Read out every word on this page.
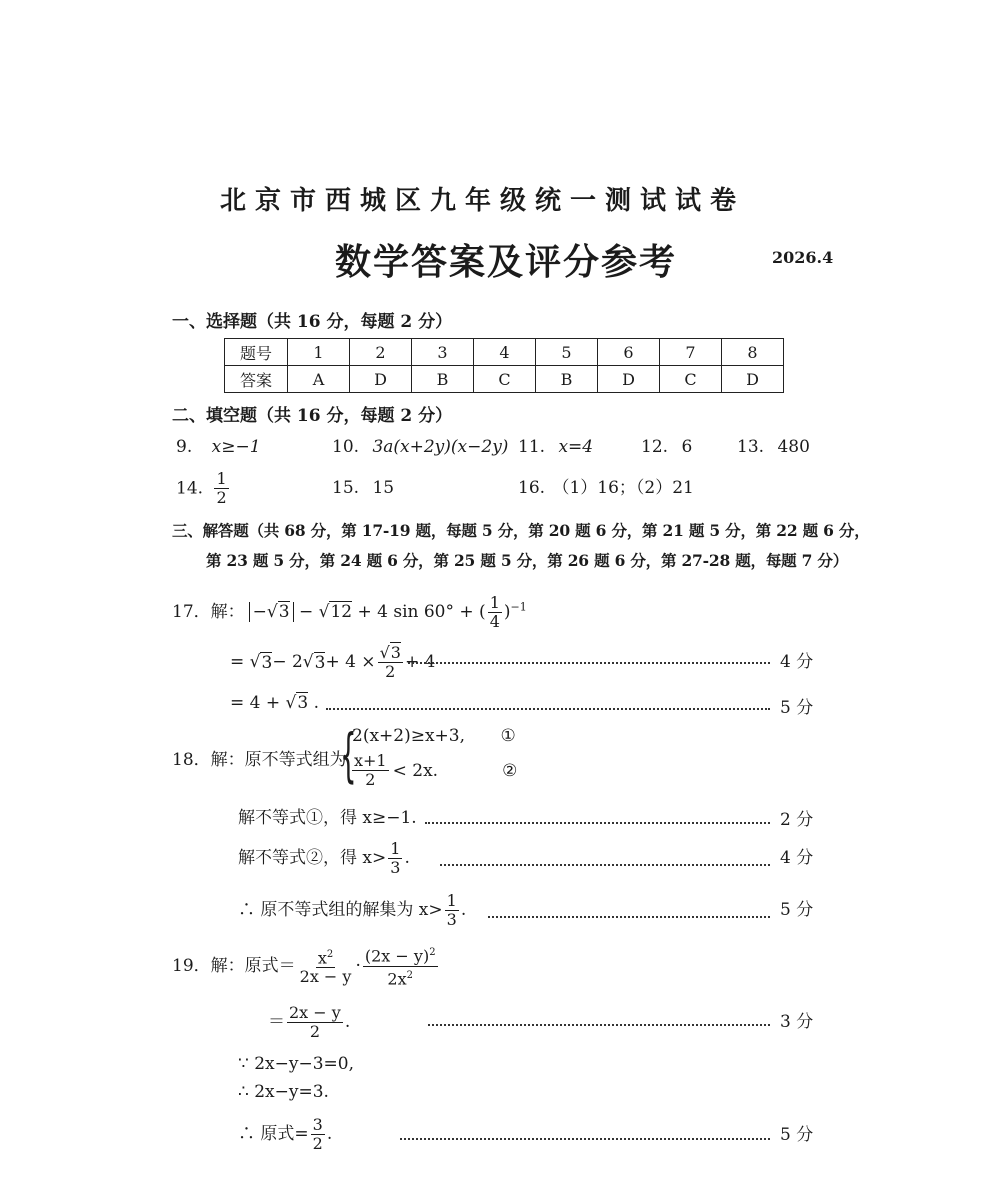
北京市西城区九年级统一测试试卷
数学答案及评分参考	2026.4
一、选择题（共 16 分，每题 2 分）
题号	1	2	3	4	5	6	7	8
答案	A	D	B	C	B	D	C	D
二、填空题（共 16 分，每题 2 分）
9. x≥−1	10. 3a(x+2y)(x−2y) 11. x=4	12. 6	13. 480
14. $\frac{1}{2}$	15. 15	16. （1）16；（2）21
三、解答题（共 68 分，第 17-19 题，每题 5 分，第 20 题 6 分，第 21 题 5 分，第 22 题 6 分，
第 23 题 5 分，第 24 题 6 分，第 25 题 5 分，第 26 题 6 分，第 27-28 题，每题 7 分）
17．解： −√3 − √12 + 4 sin 60° + ( $\frac{1}{4} )^{-1}$
= √ 3 − 2√ $3 + 4 \times \frac{√3}{2} + 4$	4 分
= 4 + √3 .	5 分
18．解：原不等式组为
{
2(x+2)≥x+3, ①
$\frac{x+1}{2} < 2x$.	②
解不等式①，得 x≥−1.	2 分
解不等式②，得 $x> \frac{1}{3}$ .	4 分
∴ 原不等式组的解集为 $x> \frac{1}{3}$ .	5 分
19．解： 原式＝ $\frac{x^2}{2x - y} \cdot \frac{(2x - y)^2}{2x^2}$
＝ $\frac{2x - y}{2}$ .	3 分
∵ 2x−y−3=0,
∴ 2x−y=3.
∴ 原式= $\frac{3}{2}$ .	5 分
